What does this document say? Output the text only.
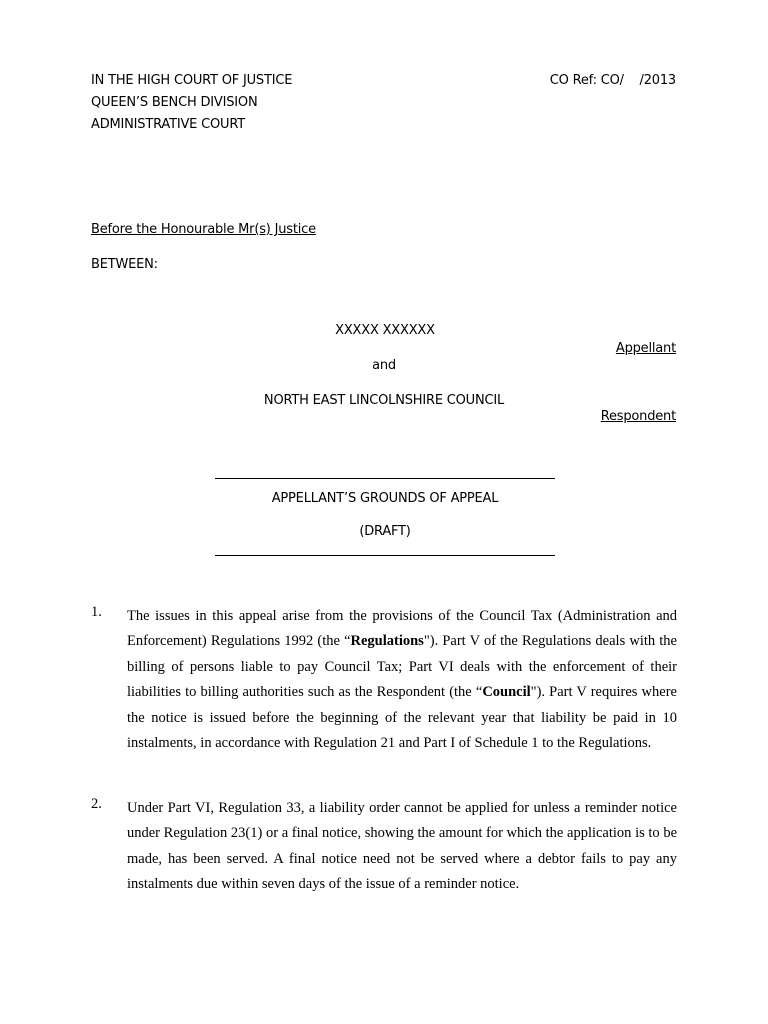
IN THE HIGH COURT OF JUSTICE
QUEEN’S BENCH DIVISION
ADMINISTRATIVE COURT
CO Ref: CO/    /2013
Before the Honourable Mr(s) Justice
BETWEEN:
XXXXX XXXXXX
Appellant
and
NORTH EAST LINCOLNSHIRE COUNCIL
Respondent
APPELLANT’S GROUNDS OF APPEAL
(DRAFT)
1.	The issues in this appeal arise from the provisions of the Council Tax (Administration and Enforcement) Regulations 1992 (the “Regulations"). Part V of the Regulations deals with the billing of persons liable to pay Council Tax; Part VI deals with the enforcement of their liabilities to billing authorities such as the Respondent (the “Council"). Part V requires where the notice is issued before the beginning of the relevant year that liability be paid in 10 instalments, in accordance with Regulation 21 and Part I of Schedule 1 to the Regulations.
2.	Under Part VI, Regulation 33, a liability order cannot be applied for unless a reminder notice under Regulation 23(1) or a final notice, showing the amount for which the application is to be made, has been served. A final notice need not be served where a debtor fails to pay any instalments due within seven days of the issue of a reminder notice.
